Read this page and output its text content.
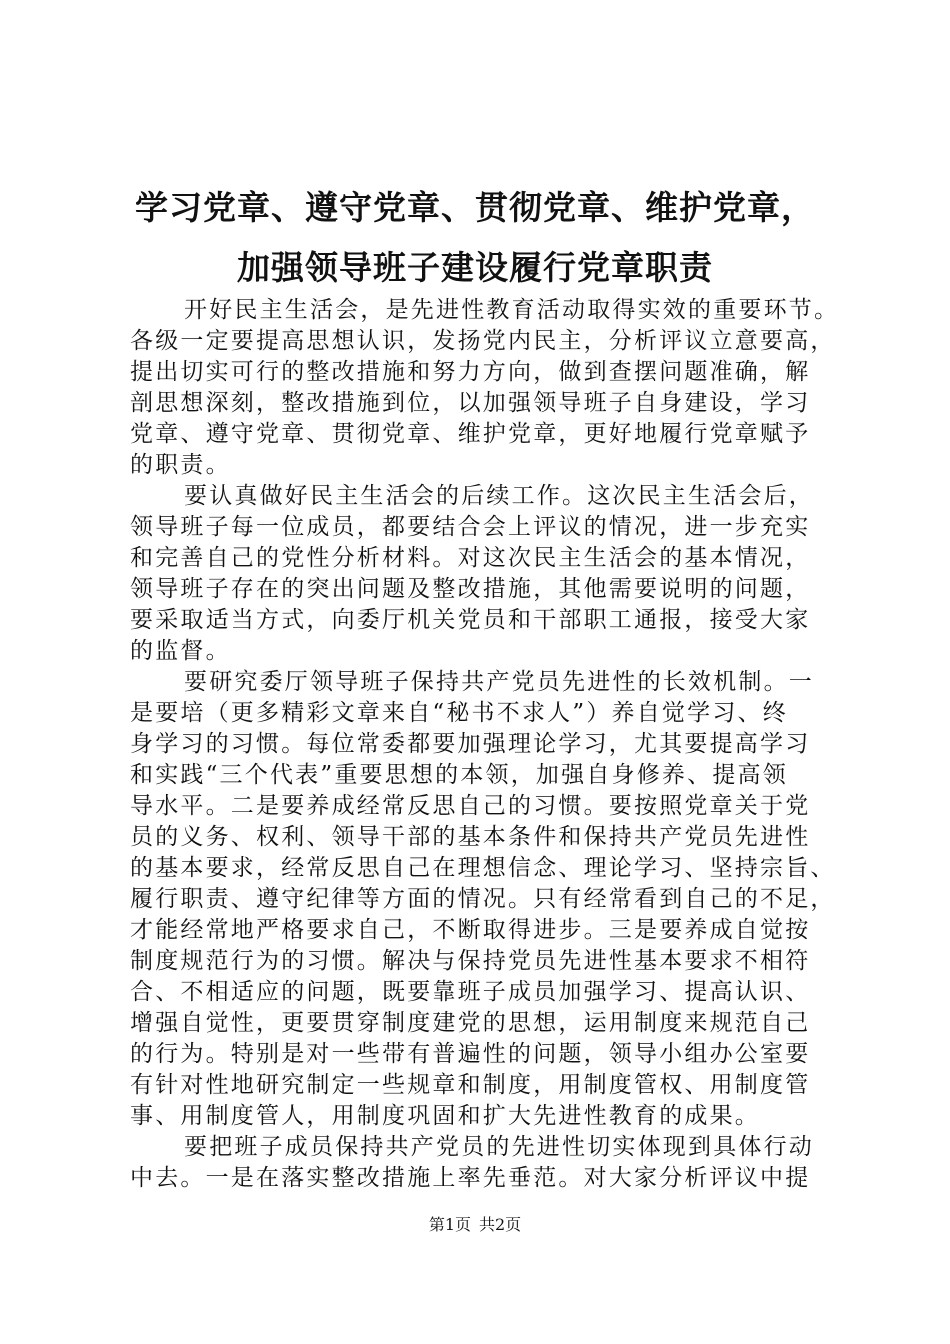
学习党章、遵守党章、贯彻党章、维护党章，
加强领导班子建设履行党章职责
开好民主生活会，是先进性教育活动取得实效的重要环节。
各级一定要提高思想认识，发扬党内民主，分析评议立意要高，
提出切实可行的整改措施和努力方向，做到查摆问题准确，解
剖思想深刻，整改措施到位，以加强领导班子自身建设，学习
党章、遵守党章、贯彻党章、维护党章，更好地履行党章赋予
的职责。
要认真做好民主生活会的后续工作。这次民主生活会后，
领导班子每一位成员，都要结合会上评议的情况，进一步充实
和完善自己的党性分析材料。对这次民主生活会的基本情况，
领导班子存在的突出问题及整改措施，其他需要说明的问题，
要采取适当方式，向委厅机关党员和干部职工通报，接受大家
的监督。
要研究委厅领导班子保持共产党员先进性的长效机制。一
是要培（更多精彩文章来自“秘书不求人”）养自觉学习、终
身学习的习惯。每位常委都要加强理论学习，尤其要提高学习
和实践“三个代表”重要思想的本领，加强自身修养、提高领
导水平。二是要养成经常反思自己的习惯。要按照党章关于党
员的义务、权利、领导干部的基本条件和保持共产党员先进性
的基本要求，经常反思自己在理想信念、理论学习、坚持宗旨、
履行职责、遵守纪律等方面的情况。只有经常看到自己的不足，
才能经常地严格要求自己，不断取得进步。三是要养成自觉按
制度规范行为的习惯。解决与保持党员先进性基本要求不相符
合、不相适应的问题，既要靠班子成员加强学习、提高认识、
增强自觉性，更要贯穿制度建党的思想，运用制度来规范自己
的行为。特别是对一些带有普遍性的问题，领导小组办公室要
有针对性地研究制定一些规章和制度，用制度管权、用制度管
事、用制度管人，用制度巩固和扩大先进性教育的成果。
要把班子成员保持共产党员的先进性切实体现到具体行动
中去。一是在落实整改措施上率先垂范。对大家分析评议中提
第1页 共2页
